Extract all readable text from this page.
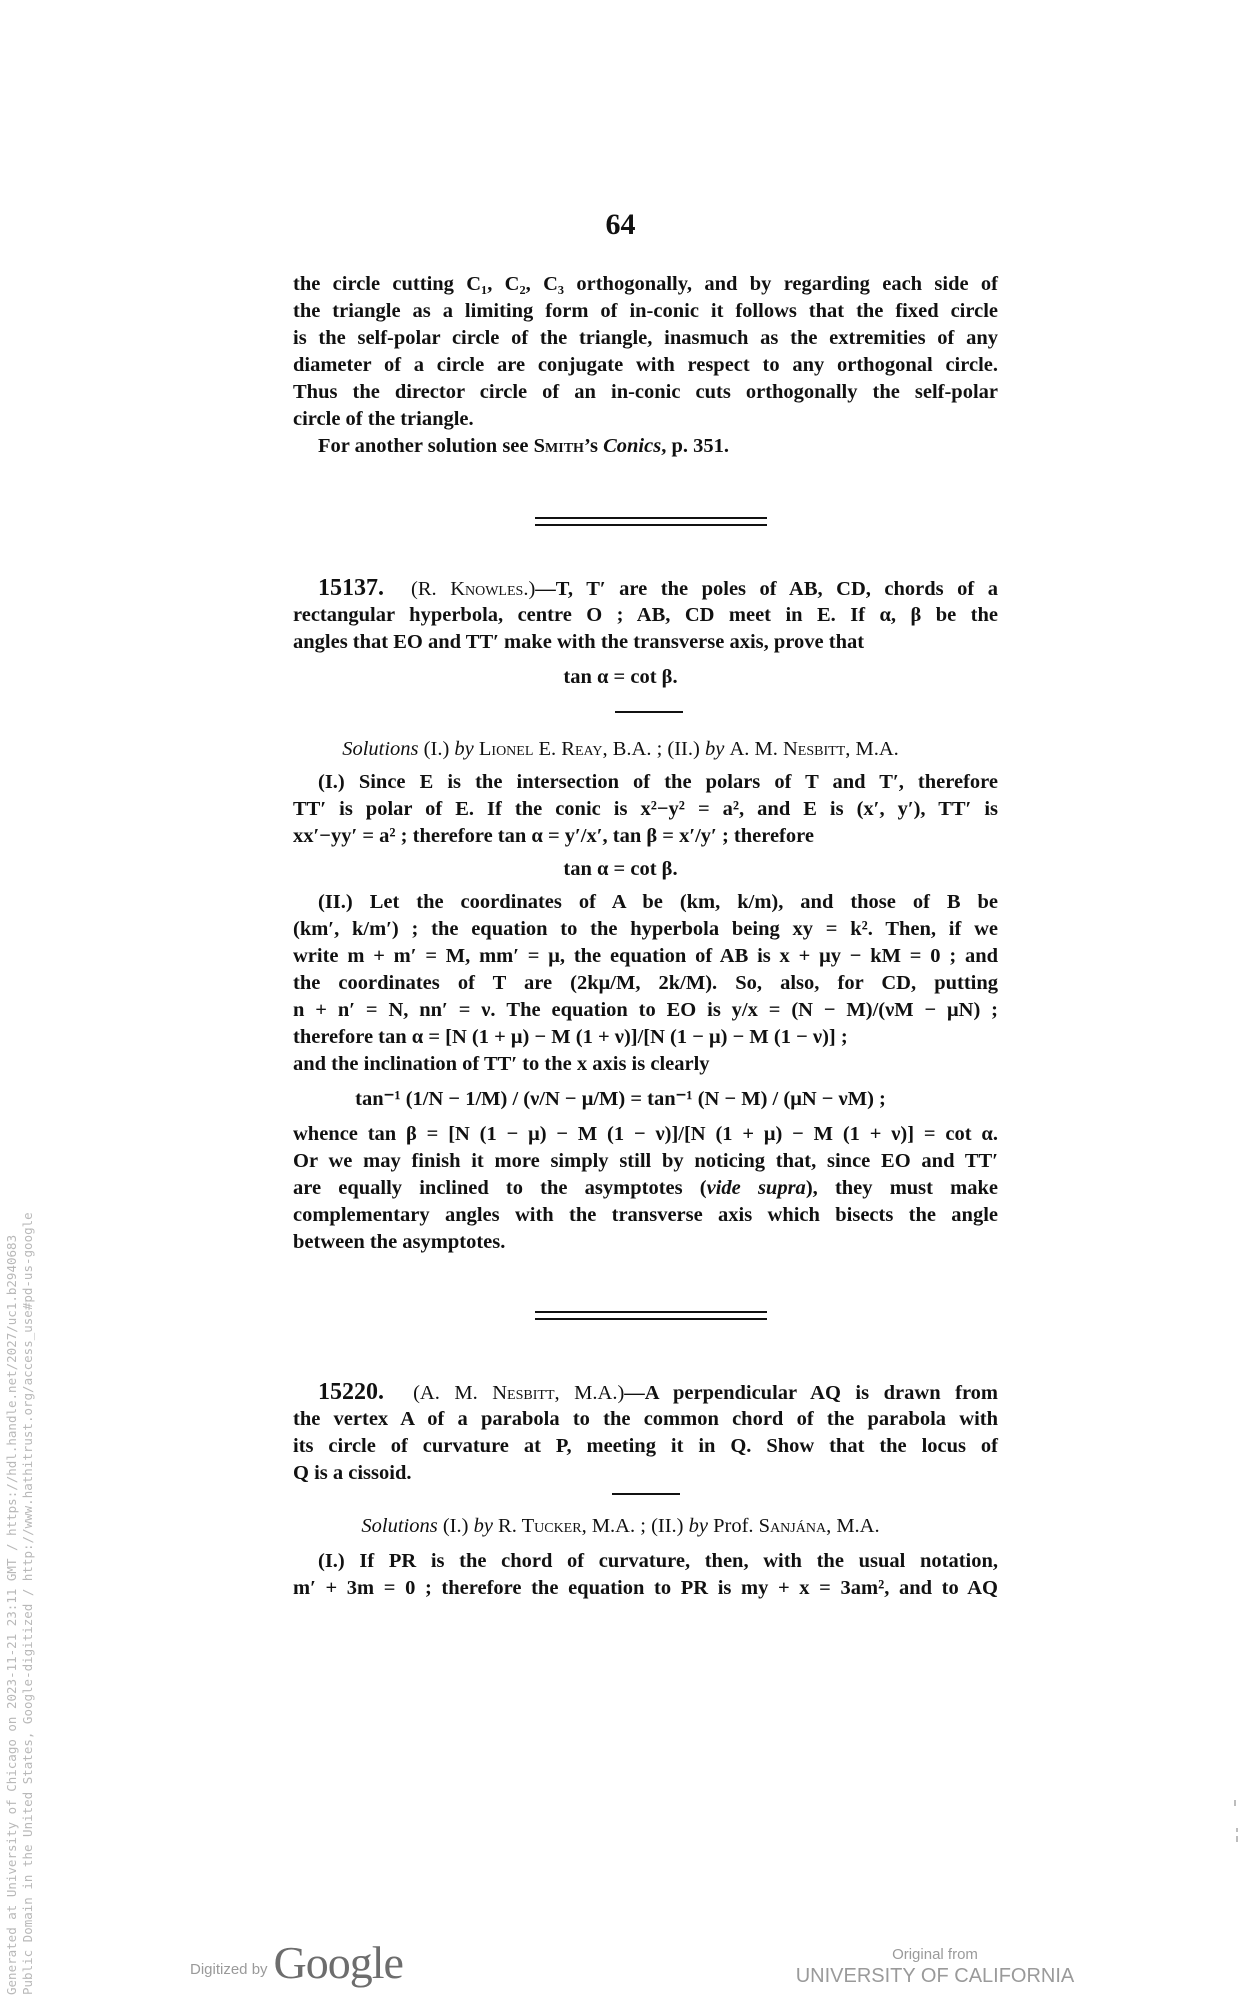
64
the circle cutting C₁, C₂, C₃ orthogonally, and by regarding each side of
the triangle as a limiting form of in-conic it follows that the fixed circle
is the self-polar circle of the triangle, inasmuch as the extremities of any
diameter of a circle are conjugate with respect to any orthogonal circle.
Thus the director circle of an in-conic cuts orthogonally the self-polar
circle of the triangle.
For another solution see Smith’s Conics, p. 351.
15137. (R. Knowles.)—T, T′ are the poles of AB, CD, chords of a
rectangular hyperbola, centre O ; AB, CD meet in E. If α, β be the
angles that EO and TT′ make with the transverse axis, prove that
tan α = cot β.
Solutions (I.) by Lionel E. Reay, B.A. ; (II.) by A. M. Nesbitt, M.A.
(I.) Since E is the intersection of the polars of T and T′, therefore
TT′ is polar of E. If the conic is x²−y² = a², and E is (x′, y′), TT′ is
xx′−yy′ = a² ; therefore tan α = y′/x′, tan β = x′/y′ ; therefore
tan α = cot β.
(II.) Let the coordinates of A be (km, k/m), and those of B be
(km′, k/m′) ; the equation to the hyperbola being xy = k². Then, if we
write m + m′ = M, mm′ = μ, the equation of AB is x + μy − kM = 0 ; and
the coordinates of T are (2kμ/M, 2k/M). So, also, for CD, putting
n + n′ = N, nn′ = ν. The equation to EO is y/x = (N − M)/(νM − μN) ;
therefore tan α = [N (1 + μ) − M (1 + ν)]/[N (1 − μ) − M (1 − ν)] ;
and the inclination of TT′ to the x axis is clearly
tan⁻¹ (1/N − 1/M) / (ν/N − μ/M) = tan⁻¹ (N − M) / (μN − νM) ;
whence tan β = [N (1 − μ) − M (1 − ν)]/[N (1 + μ) − M (1 + ν)] = cot α.
Or we may finish it more simply still by noticing that, since EO and TT′
are equally inclined to the asymptotes (vide supra), they must make
complementary angles with the transverse axis which bisects the angle
between the asymptotes.
15220. (A. M. Nesbitt, M.A.)—A perpendicular AQ is drawn from
the vertex A of a parabola to the common chord of the parabola with
its circle of curvature at P, meeting it in Q. Show that the locus of
Q is a cissoid.
Solutions (I.) by R. Tucker, M.A. ; (II.) by Prof. Sanjána, M.A.
(I.) If PR is the chord of curvature, then, with the usual notation,
m′ + 3m = 0 ; therefore the equation to PR is my + x = 3am², and to AQ
Generated at University of Chicago on 2023-11-21 23:11 GMT / https://hdl.handle.net/2027/uc1.b2940683 Public Domain in the United States, Google-digitized / http://www.hathitrust.org/access_use#pd-us-google	Digitized by Google	Original from
UNIVERSITY OF CALIFORNIA
